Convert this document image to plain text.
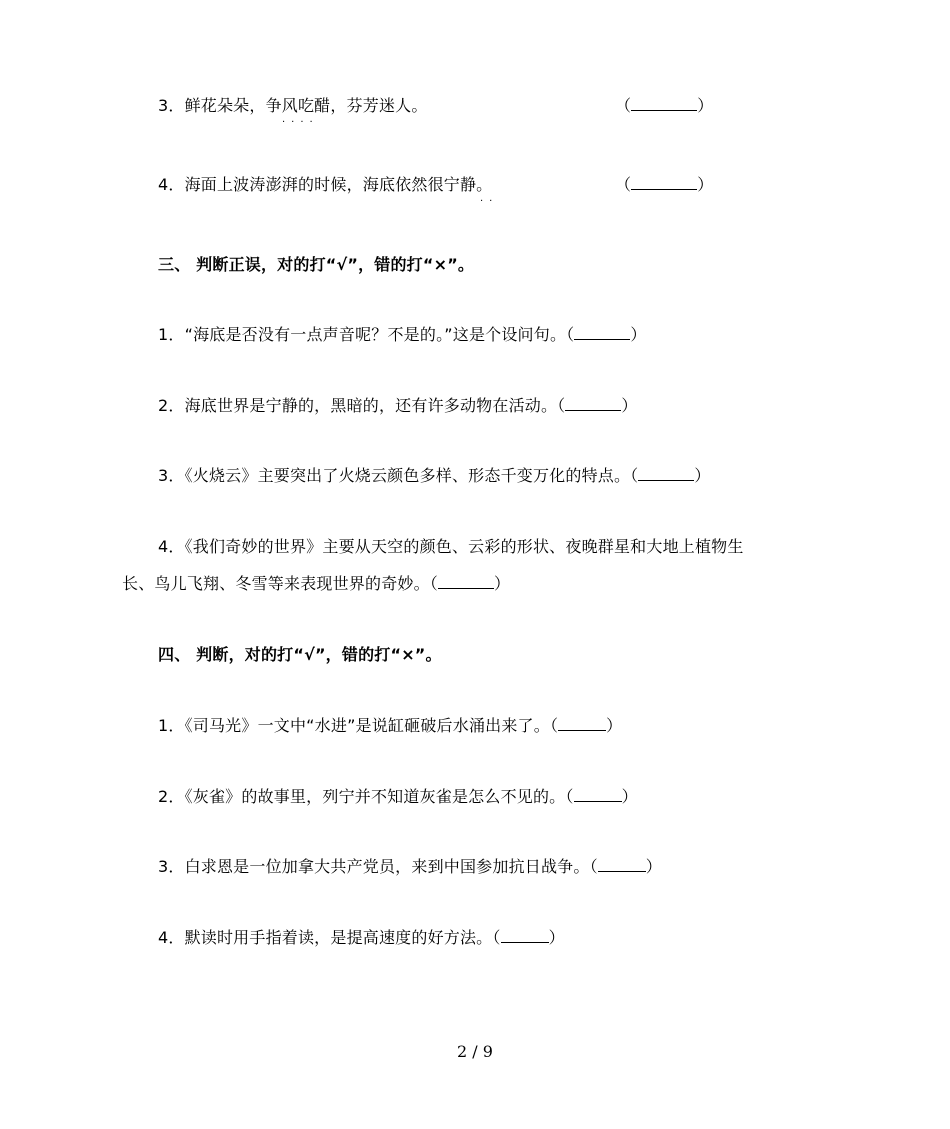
3．鲜花朵朵，争风吃醋，芬芳迷人。
····
（	）
4．海面上波涛澎湃的时候，海底依然很宁静。
··
（	）
三、 判断正误，对的打“√”，错的打“×”。
1．“海底是否没有一点声音呢？不是的。”这是个设问句。（	）
2．海底世界是宁静的，黑暗的，还有许多动物在活动。（	）
3．《火烧云》主要突出了火烧云颜色多样、形态千变万化的特点。（	）
4．《我们奇妙的世界》主要从天空的颜色、云彩的形状、夜晚群星和大地上植物生
长、鸟儿飞翔、冬雪等来表现世界的奇妙。（	）
四、 判断，对的打“√”，错的打“×”。
1．《司马光》一文中“水进”是说缸砸破后水涌出来了。（	）
2．《灰雀》的故事里，列宁并不知道灰雀是怎么不见的。（	）
3．白求恩是一位加拿大共产党员，来到中国参加抗日战争。（	）
4．默读时用手指着读，是提高速度的好方法。（	）
2 / 9
